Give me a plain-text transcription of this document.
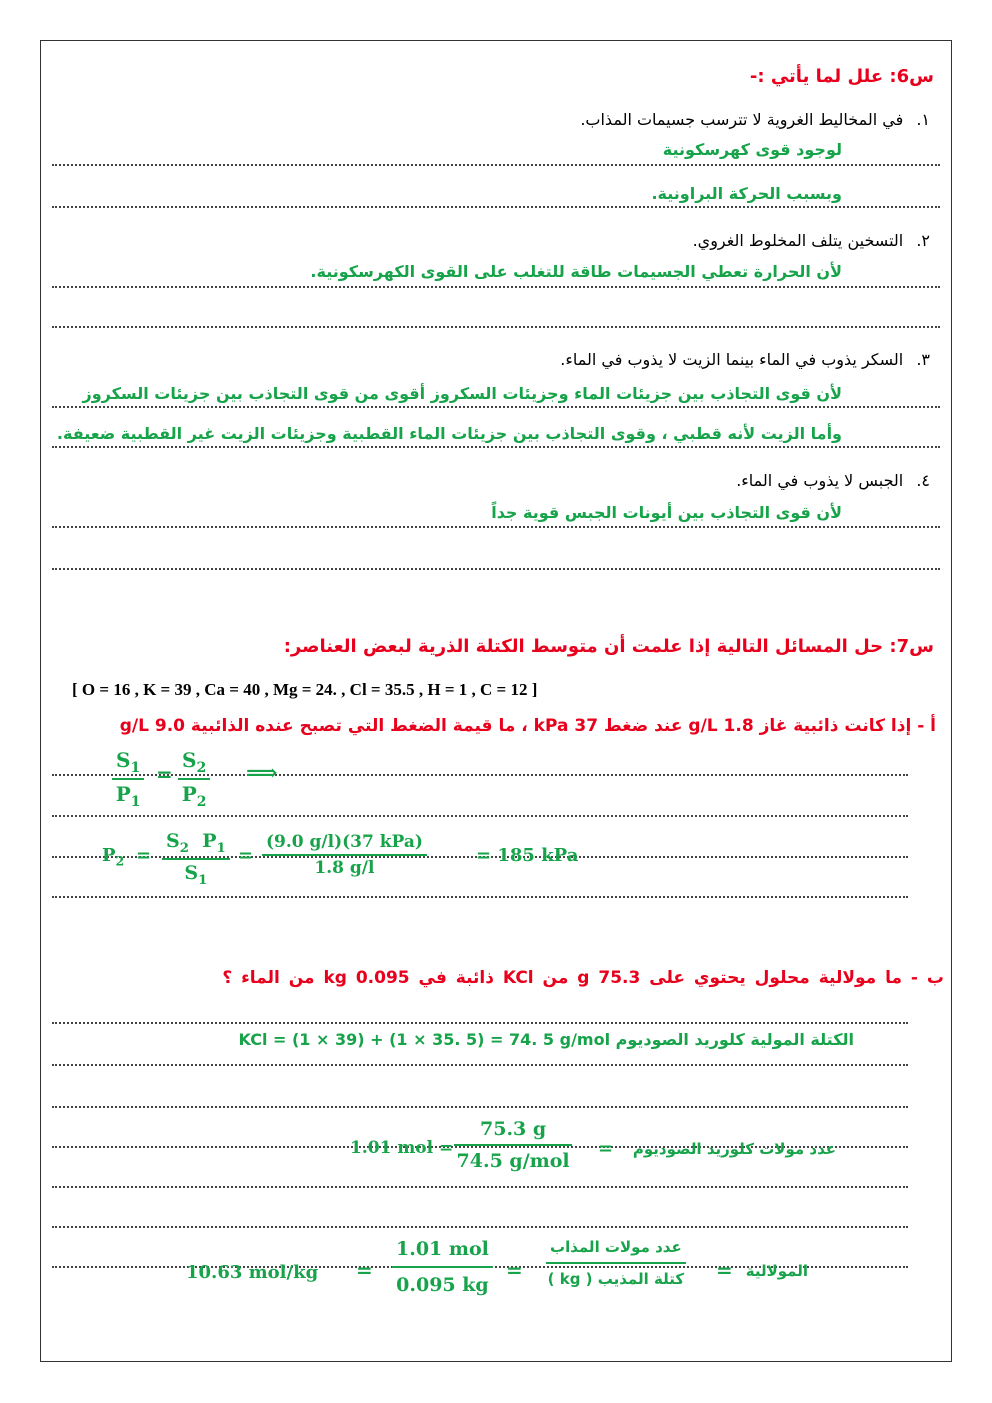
س6: علل لما يأتي :-
١. في المخاليط الغروية لا تترسب جسيمات المذاب.
لوجود قوى كهرسكونية
وبسبب الحركة البراونية.
٢. التسخين يتلف المخلوط الغروي.
لأن الحرارة تعطي الجسيمات طاقة للتغلب على القوى الكهرسكونية.
٣. السكر يذوب في الماء بينما الزيت لا يذوب في الماء.
لأن قوى التجاذب بين جزيئات الماء وجزيئات السكروز أقوى من قوى التجاذب بين جزيئات السكروز
وأما الزيت لأنه قطبي ، وقوى التجاذب بين جزيئات الماء القطبية وجزيئات الزيت غير القطبية ضعيفة.
٤. الجبس لا يذوب في الماء.
لأن قوى التجاذب بين أيونات الجبس قوية جداً
س7: حل المسائل التالية إذا علمت أن متوسط الكتلة الذرية لبعض العناصر:
[ O = 16 , K = 39 , Ca = 40 , Mg = 24. , Cl = 35.5 , H = 1 , C = 12 ]
أ - إذا كانت ذائبية غاز 1.8 g/L عند ضغط 37 kPa ، ما قيمة الضغط التي تصبح عنده الذائبية 9.0 g/L
$\frac{S_1}{P_1} = \frac{S_2}{P_2}$ ⟹
$P_2 = \frac{S_2 P_1}{S_1}$ =
(9.0 g/l)(37 kPa)
1.8 g/l
= 185 kPa
ب - ما مولالية محلول يحتوي على 75.3 g من KCl ذائبة في 0.095 kg من الماء ؟
الكتلة المولية كلوريد الصوديوم KCl = (1 × 39) + (1 × 35. 5) = 74. 5 g/mol
1.01 mol =
75.3 g
74.5 g/mol
= عدد مولات كلوريد الصوديوم
10.63 mol/kg =
1.01 mol
0.095 kg
=
عدد مولات المذاب
كتلة المذيب ( kg ) = المولالية
